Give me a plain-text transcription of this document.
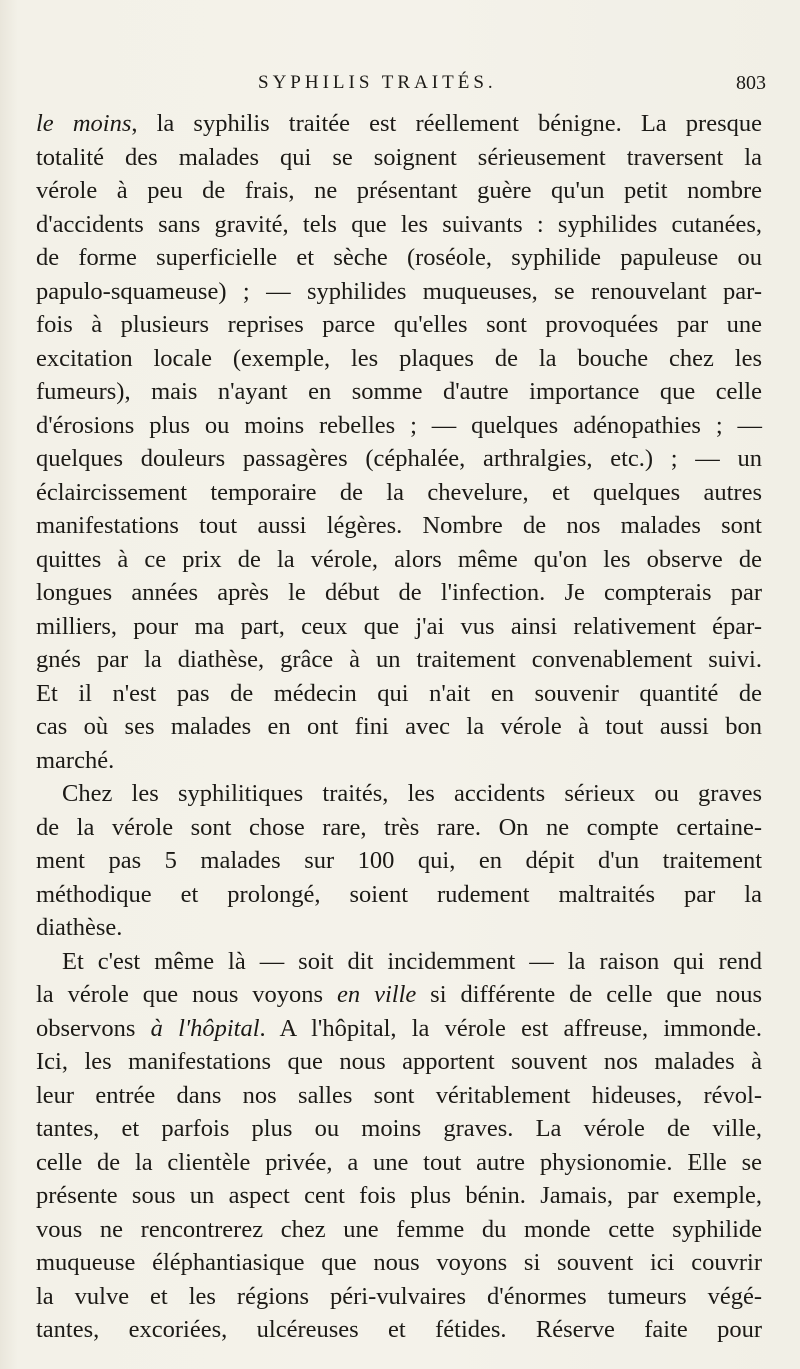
SYPHILIS TRAITÉS.	803
le moins, la syphilis traitée est réellement bénigne. La presque
totalité des malades qui se soignent sérieusement traversent la
vérole à peu de frais, ne présentant guère qu'un petit nombre
d'accidents sans gravité, tels que les suivants : syphilides cutanées,
de forme superficielle et sèche (roséole, syphilide papuleuse ou
papulo-squameuse) ; — syphilides muqueuses, se renouvelant par-
fois à plusieurs reprises parce qu'elles sont provoquées par une
excitation locale (exemple, les plaques de la bouche chez les
fumeurs), mais n'ayant en somme d'autre importance que celle
d'érosions plus ou moins rebelles ; — quelques adénopathies ; —
quelques douleurs passagères (céphalée, arthralgies, etc.) ; — un
éclaircissement temporaire de la chevelure, et quelques autres
manifestations tout aussi légères. Nombre de nos malades sont
quittes à ce prix de la vérole, alors même qu'on les observe de
longues années après le début de l'infection. Je compterais par
milliers, pour ma part, ceux que j'ai vus ainsi relativement épar-
gnés par la diathèse, grâce à un traitement convenablement suivi.
Et il n'est pas de médecin qui n'ait en souvenir quantité de
cas où ses malades en ont fini avec la vérole à tout aussi bon
marché.
Chez les syphilitiques traités, les accidents sérieux ou graves
de la vérole sont chose rare, très rare. On ne compte certaine-
ment pas 5 malades sur 100 qui, en dépit d'un traitement
méthodique et prolongé, soient rudement maltraités par la
diathèse.
Et c'est même là — soit dit incidemment — la raison qui rend
la vérole que nous voyons en ville si différente de celle que nous
observons à l'hôpital. A l'hôpital, la vérole est affreuse, immonde.
Ici, les manifestations que nous apportent souvent nos malades à
leur entrée dans nos salles sont véritablement hideuses, révol-
tantes, et parfois plus ou moins graves. La vérole de ville,
celle de la clientèle privée, a une tout autre physionomie. Elle se
présente sous un aspect cent fois plus bénin. Jamais, par exemple,
vous ne rencontrerez chez une femme du monde cette syphilide
muqueuse éléphantiasique que nous voyons si souvent ici couvrir
la vulve et les régions péri-vulvaires d'énormes tumeurs végé-
tantes, excoriées, ulcéreuses et fétides. Réserve faite pour
